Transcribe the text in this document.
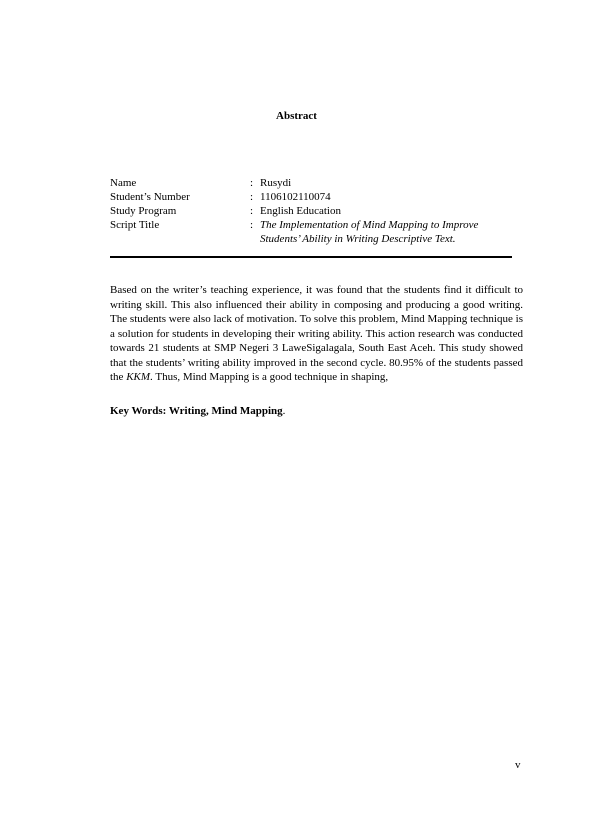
Abstract
Name	: Rusydi
Student’s Number	: 1106102110074
Study Program	: English Education
Script Title	: The Implementation of Mind Mapping to Improve
Students’ Ability in Writing Descriptive Text.

Based on the writer’s teaching experience, it was found that the students find it difficult to writing skill. This also influenced their ability in composing and producing a good writing. The students were also lack of motivation. To solve this problem, Mind Mapping technique is a solution for students in developing their writing ability. This action research was conducted towards 21 students at SMP Negeri 3 LaweSigalagala, South East Aceh. This study showed that the students’ writing ability improved in the second cycle. 80.95% of the students passed the KKM. Thus, Mind Mapping is a good technique in shaping,

Key Words: Writing, Mind Mapping.

v
